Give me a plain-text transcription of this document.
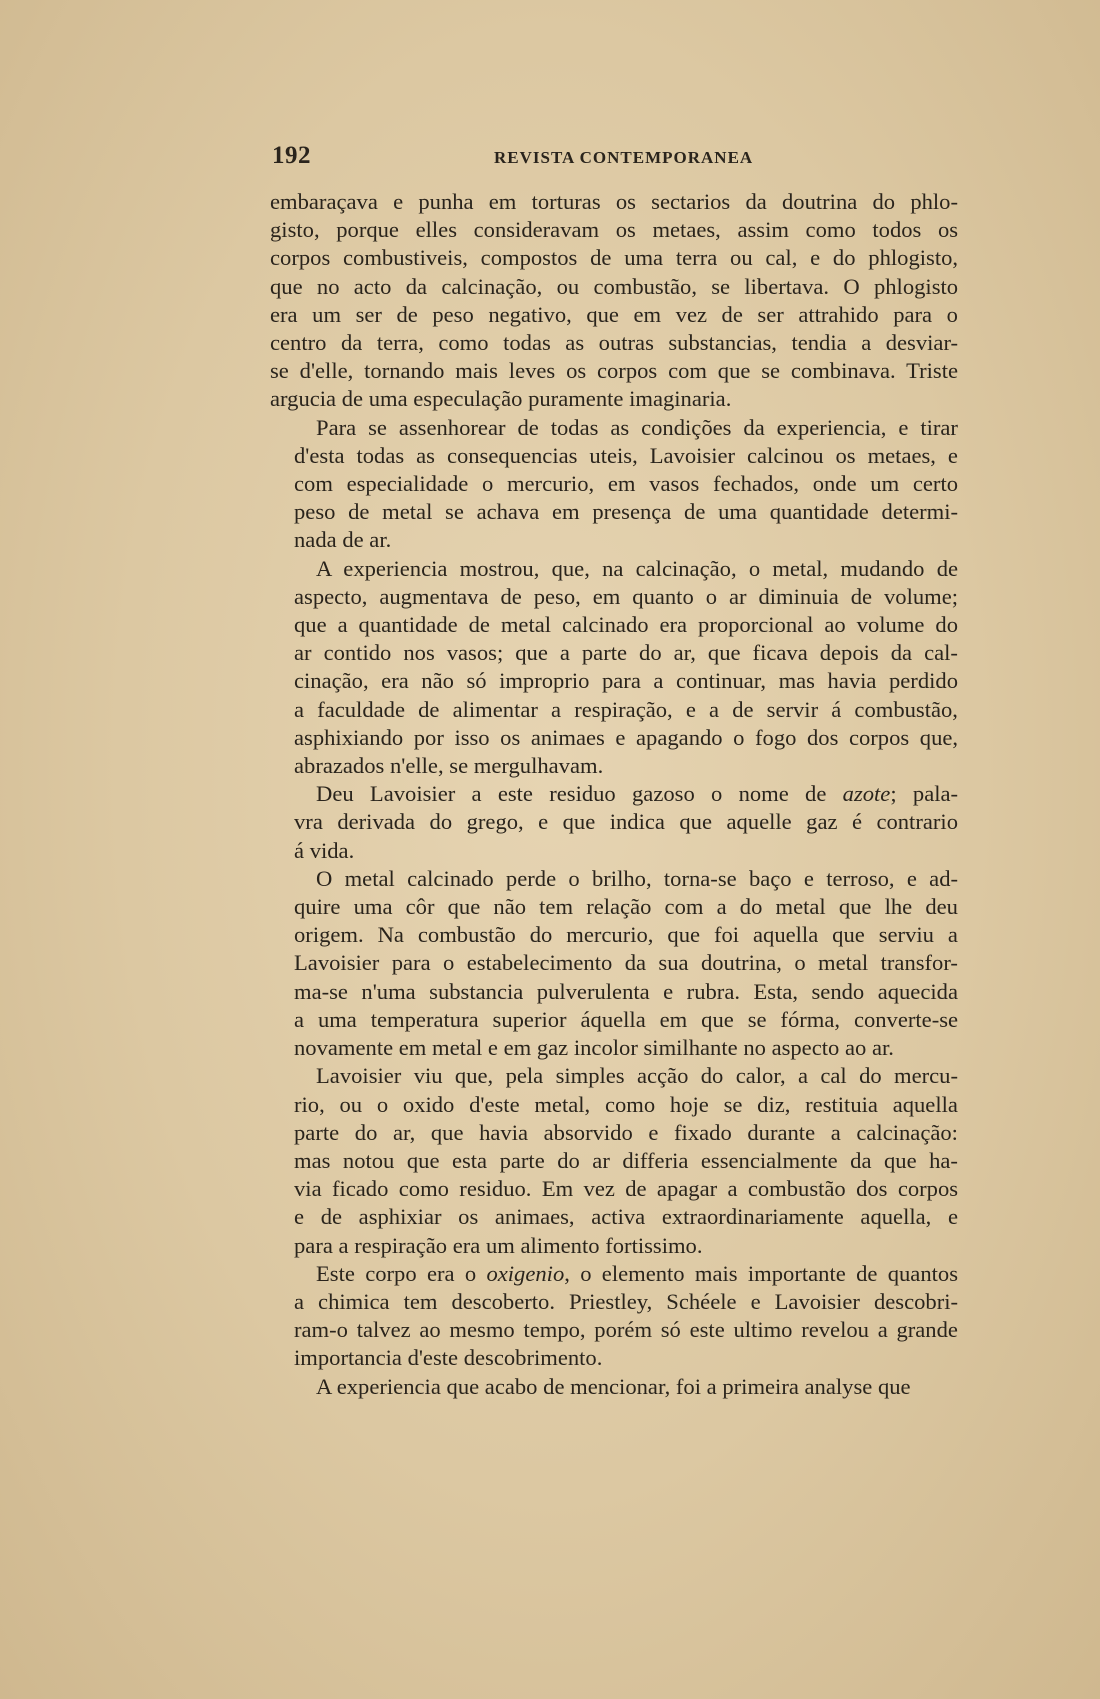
192	REVISTA CONTEMPORANEA
embaraçava e punha em torturas os sectarios da doutrina do phlo-
gisto, porque elles consideravam os metaes, assim como todos os
corpos combustiveis, compostos de uma terra ou cal, e do phlogisto,
que no acto da calcinação, ou combustão, se libertava. O phlogisto
era um ser de peso negativo, que em vez de ser attrahido para o
centro da terra, como todas as outras substancias, tendia a desviar-
se d'elle, tornando mais leves os corpos com que se combinava. Triste
argucia de uma especulação puramente imaginaria.
Para se assenhorear de todas as condições da experiencia, e tirar
d'esta todas as consequencias uteis, Lavoisier calcinou os metaes, e
com especialidade o mercurio, em vasos fechados, onde um certo
peso de metal se achava em presença de uma quantidade determi-
nada de ar.
A experiencia mostrou, que, na calcinação, o metal, mudando de
aspecto, augmentava de peso, em quanto o ar diminuia de volume;
que a quantidade de metal calcinado era proporcional ao volume do
ar contido nos vasos; que a parte do ar, que ficava depois da cal-
cinação, era não só improprio para a continuar, mas havia perdido
a faculdade de alimentar a respiração, e a de servir á combustão,
asphixiando por isso os animaes e apagando o fogo dos corpos que,
abrazados n'elle, se mergulhavam.
Deu Lavoisier a este residuo gazoso o nome de azote; pala-
vra derivada do grego, e que indica que aquelle gaz é contrario
á vida.
O metal calcinado perde o brilho, torna-se baço e terroso, e ad-
quire uma côr que não tem relação com a do metal que lhe deu
origem. Na combustão do mercurio, que foi aquella que serviu a
Lavoisier para o estabelecimento da sua doutrina, o metal transfor-
ma-se n'uma substancia pulverulenta e rubra. Esta, sendo aquecida
a uma temperatura superior áquella em que se fórma, converte-se
novamente em metal e em gaz incolor similhante no aspecto ao ar.
Lavoisier viu que, pela simples acção do calor, a cal do mercu-
rio, ou o oxido d'este metal, como hoje se diz, restituia aquella
parte do ar, que havia absorvido e fixado durante a calcinação:
mas notou que esta parte do ar differia essencialmente da que ha-
via ficado como residuo. Em vez de apagar a combustão dos corpos
e de asphixiar os animaes, activa extraordinariamente aquella, e
para a respiração era um alimento fortissimo.
Este corpo era o oxigenio, o elemento mais importante de quantos
a chimica tem descoberto. Priestley, Schéele e Lavoisier descobri-
ram-o talvez ao mesmo tempo, porém só este ultimo revelou a grande
importancia d'este descobrimento.
A experiencia que acabo de mencionar, foi a primeira analyse que
